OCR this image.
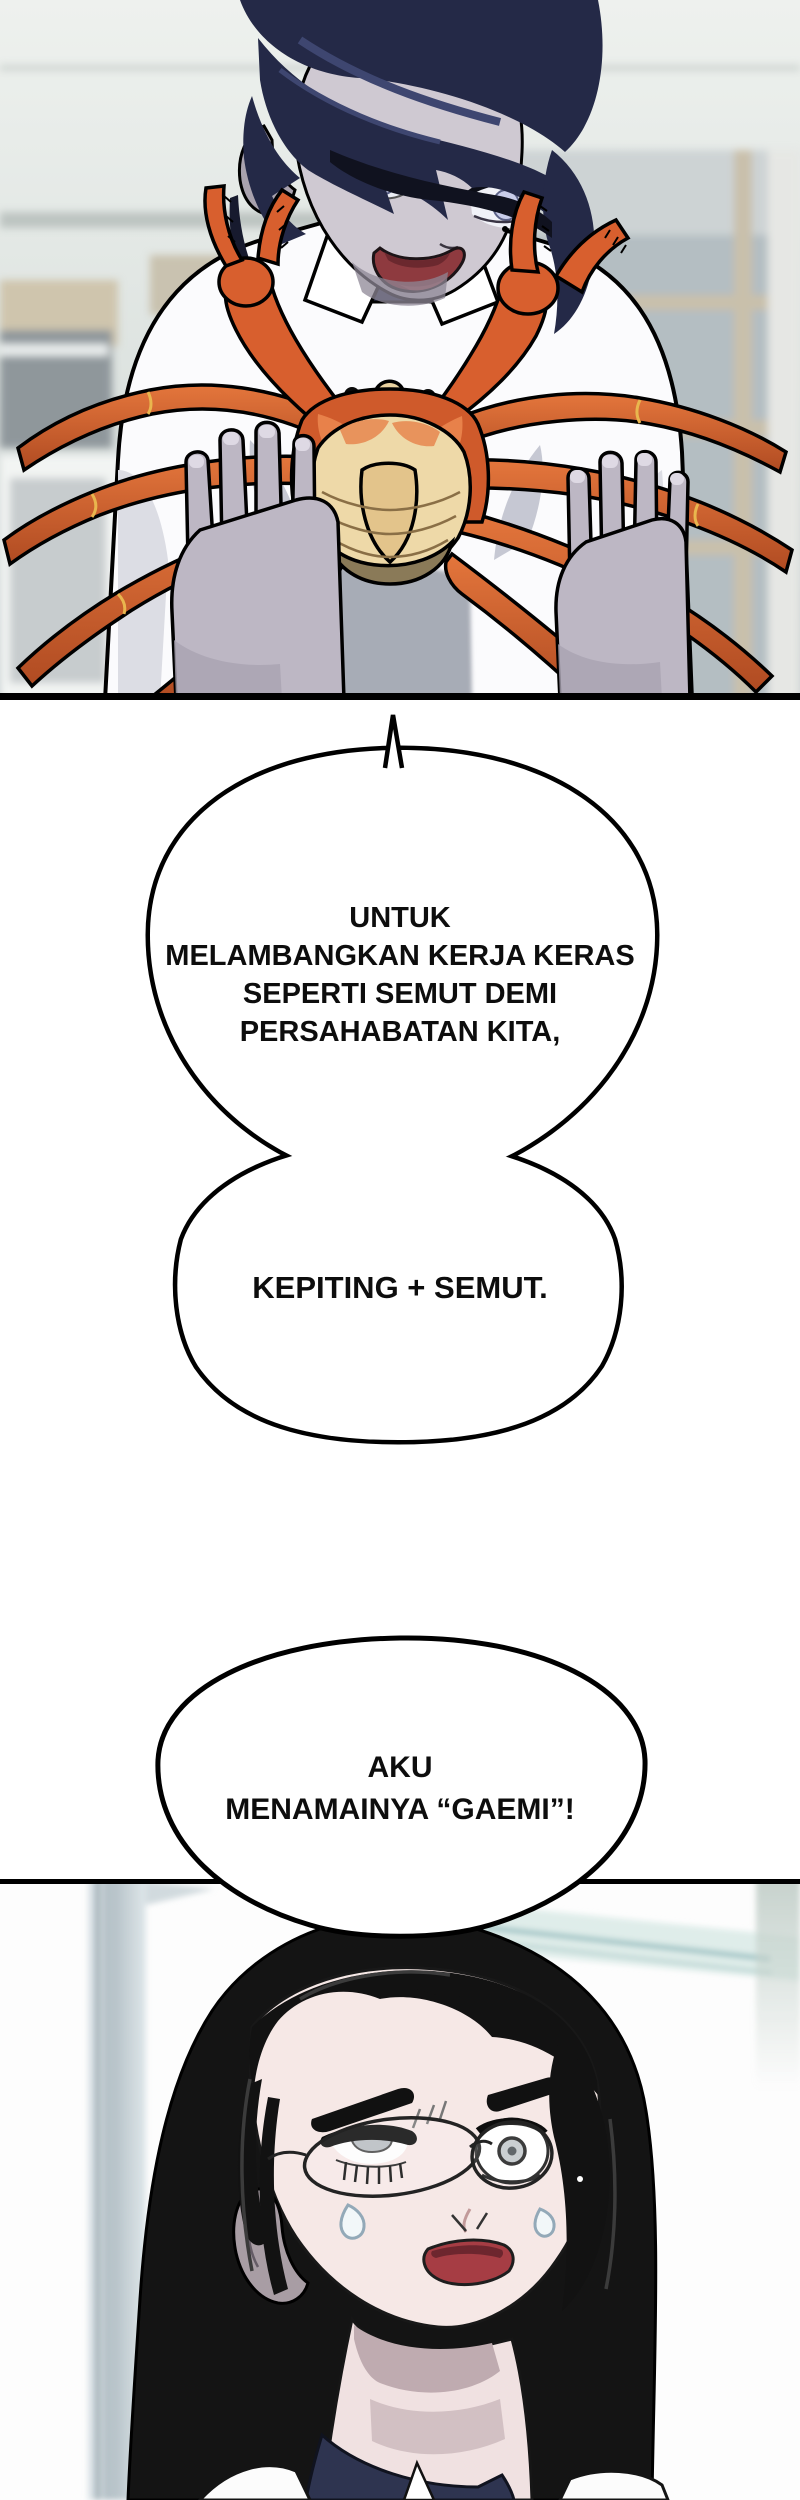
UNTUK
MELAMBANGKAN KERJA KERAS
SEPERTI SEMUT DEMI
PERSAHABATAN KITA,
KEPITING + SEMUT.
AKU
MENAMAINYA “GAEMI”!
